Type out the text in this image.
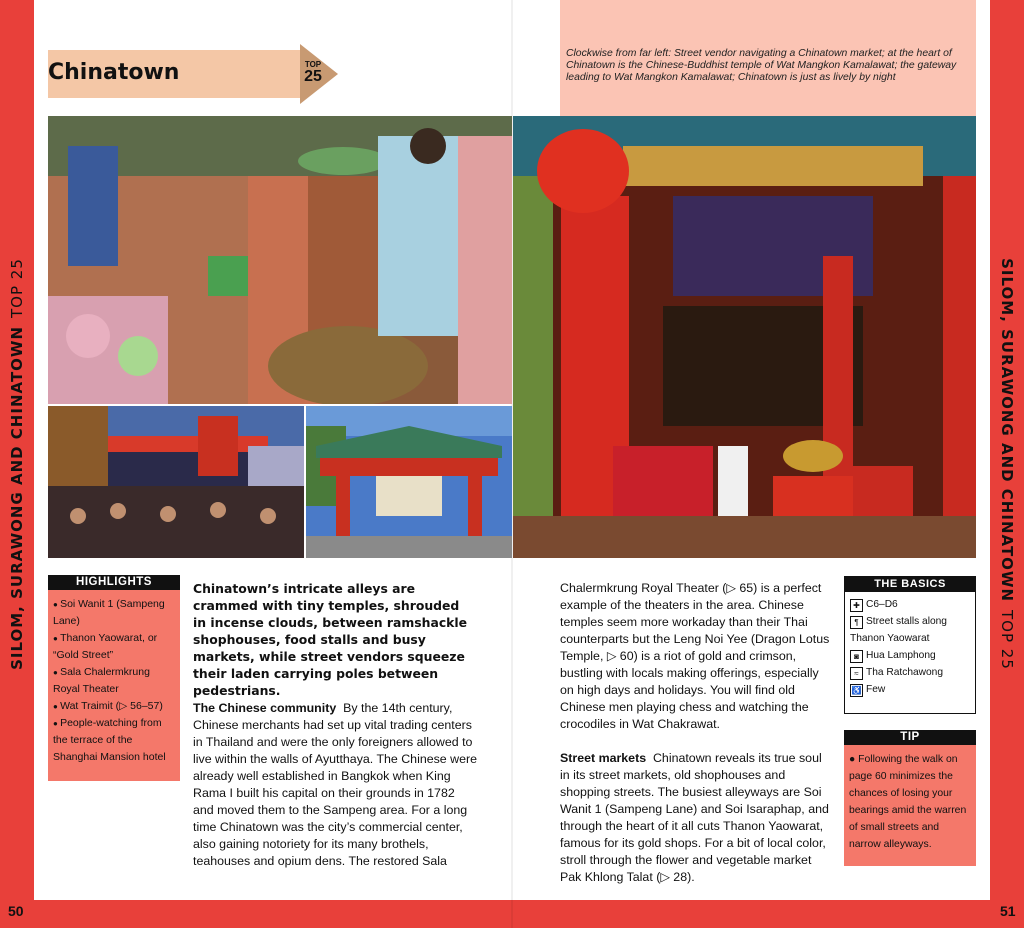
SILOM, SURAWONG AND CHINATOWNTOP 25	SILOM, SURAWONG AND CHINATOWNTOP 25
50	51
Chinatown	TOP
25
Clockwise from far left: Street vendor navigating a Chinatown market; at the heart of Chinatown is the Chinese-Buddhist temple of Wat Mangkon Kamalawat; the gateway leading to Wat Mangkon Kamalawat; Chinatown is just as lively by night
HIGHLIGHTS
● Soi Wanit 1 (Sampeng Lane)
● Thanon Yaowarat, or “Gold Street”
● Sala Chalermkrung Royal Theater
● Wat Traimit (▷ 56–57)
● People-watching from the terrace of the Shanghai Mansion hotel
Chinatown’s intricate alleys are crammed with tiny temples, shrouded in incense clouds, between ramshackle shophouses, food stalls and busy markets, while street vendors squeeze their laden carrying poles between pedestrians.

The Chinese community By the 14th century, Chinese merchants had set up vital trading centers in Thailand and were the only foreigners allowed to live within the walls of Ayutthaya. The Chinese were already well established in Bangkok when King Rama I built his capital on their grounds in 1782 and moved them to the Sampeng area. For a long time Chinatown was the city’s commercial center, also gaining notoriety for its many brothels, teahouses and opium dens. The restored Sala

Chalermkrung Royal Theater (▷ 65) is a perfect example of the theaters in the area. Chinese temples seem more workaday than their Thai counterparts but the Leng Noi Yee (Dragon Lotus Temple, ▷ 60) is a riot of gold and crimson, bustling with locals making offerings, especially on high days and holidays. You will find old Chinese men playing chess and watching the crocodiles in Wat Chakrawat.

Street markets Chinatown reveals its true soul in its street markets, old shophouses and shopping streets. The busiest alleyways are Soi Wanit 1 (Sampeng Lane) and Soi Isaraphap, and through the heart of it all cuts Thanon Yaowarat, famous for its gold shops. For a bit of local color, stroll through the flower and vegetable market Pak Khlong Talat (▷ 28).

THE BASICS
✚ C6–D6
¶ Street stalls along
Thanon Yaowarat
◙ Hua Lamphong
≈ Tha Ratchawong
♿ Few
TIP
● Following the walk on page 60 minimizes the chances of losing your bearings amid the warren of small streets and narrow alleyways.
